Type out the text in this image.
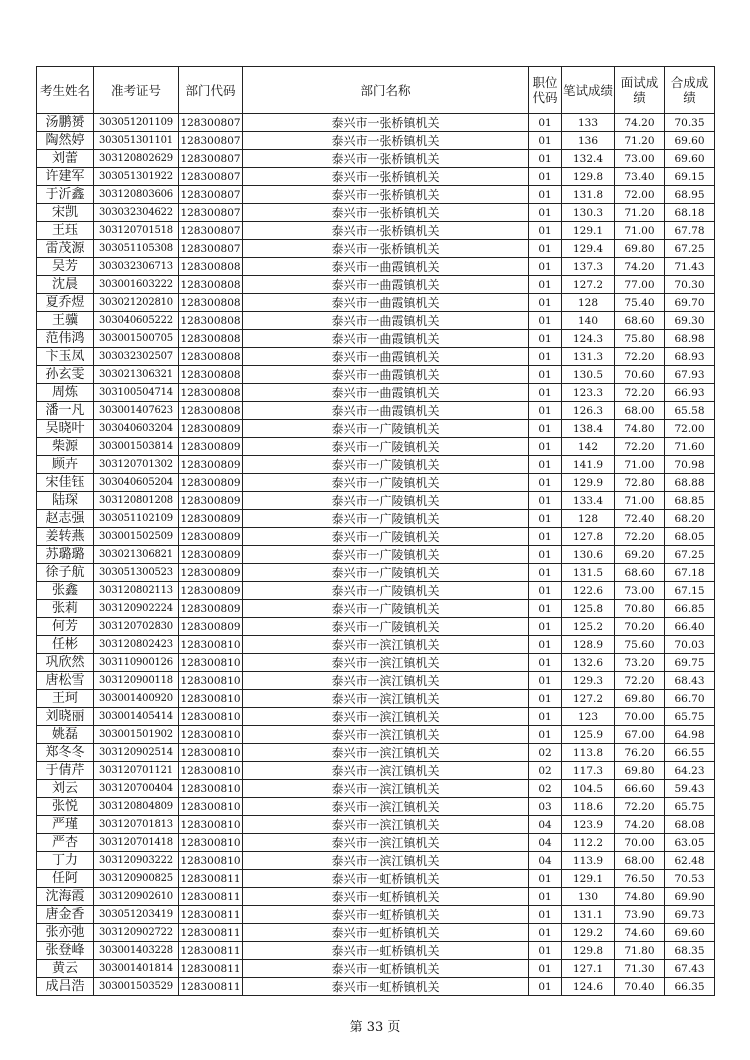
考生姓名	准考证号	部门代码	部门名称	职位代码	笔试成绩	面试成绩	合成成绩
汤鹏赟	303051201109	128300807	泰兴市一张桥镇机关	01	133	74.20	70.35
陶然婷	303051301101	128300807	泰兴市一张桥镇机关	01	136	71.20	69.60
刘蕾	303120802629	128300807	泰兴市一张桥镇机关	01	132.4	73.00	69.60
许建军	303051301922	128300807	泰兴市一张桥镇机关	01	129.8	73.40	69.15
于沂鑫	303120803606	128300807	泰兴市一张桥镇机关	01	131.8	72.00	68.95
宋凯	303032304622	128300807	泰兴市一张桥镇机关	01	130.3	71.20	68.18
王珏	303120701518	128300807	泰兴市一张桥镇机关	01	129.1	71.00	67.78
雷茂源	303051105308	128300807	泰兴市一张桥镇机关	01	129.4	69.80	67.25
吴芳	303032306713	128300808	泰兴市一曲霞镇机关	01	137.3	74.20	71.43
沈晨	303001603222	128300808	泰兴市一曲霞镇机关	01	127.2	77.00	70.30
夏乔煜	303021202810	128300808	泰兴市一曲霞镇机关	01	128	75.40	69.70
王骥	303040605222	128300808	泰兴市一曲霞镇机关	01	140	68.60	69.30
范伟鸿	303001500705	128300808	泰兴市一曲霞镇机关	01	124.3	75.80	68.98
卞玉凤	303032302507	128300808	泰兴市一曲霞镇机关	01	131.3	72.20	68.93
孙玄雯	303021306321	128300808	泰兴市一曲霞镇机关	01	130.5	70.60	67.93
周炼	303100504714	128300808	泰兴市一曲霞镇机关	01	123.3	72.20	66.93
潘一凡	303001407623	128300808	泰兴市一曲霞镇机关	01	126.3	68.00	65.58
吴晓叶	303040603204	128300809	泰兴市一广陵镇机关	01	138.4	74.80	72.00
柴源	303001503814	128300809	泰兴市一广陵镇机关	01	142	72.20	71.60
顾卉	303120701302	128300809	泰兴市一广陵镇机关	01	141.9	71.00	70.98
宋佳钰	303040605204	128300809	泰兴市一广陵镇机关	01	129.9	72.80	68.88
陆琛	303120801208	128300809	泰兴市一广陵镇机关	01	133.4	71.00	68.85
赵志强	303051102109	128300809	泰兴市一广陵镇机关	01	128	72.40	68.20
姜转燕	303001502509	128300809	泰兴市一广陵镇机关	01	127.8	72.20	68.05
苏璐璐	303021306821	128300809	泰兴市一广陵镇机关	01	130.6	69.20	67.25
徐子航	303051300523	128300809	泰兴市一广陵镇机关	01	131.5	68.60	67.18
张鑫	303120802113	128300809	泰兴市一广陵镇机关	01	122.6	73.00	67.15
张莉	303120902224	128300809	泰兴市一广陵镇机关	01	125.8	70.80	66.85
何芳	303120702830	128300809	泰兴市一广陵镇机关	01	125.2	70.20	66.40
任彬	303120802423	128300810	泰兴市一滨江镇机关	01	128.9	75.60	70.03
巩欣然	303110900126	128300810	泰兴市一滨江镇机关	01	132.6	73.20	69.75
唐松雪	303120900118	128300810	泰兴市一滨江镇机关	01	129.3	72.20	68.43
王珂	303001400920	128300810	泰兴市一滨江镇机关	01	127.2	69.80	66.70
刘晓丽	303001405414	128300810	泰兴市一滨江镇机关	01	123	70.00	65.75
姚磊	303001501902	128300810	泰兴市一滨江镇机关	01	125.9	67.00	64.98
郑冬冬	303120902514	128300810	泰兴市一滨江镇机关	02	113.8	76.20	66.55
于倩芹	303120701121	128300810	泰兴市一滨江镇机关	02	117.3	69.80	64.23
刘云	303120700404	128300810	泰兴市一滨江镇机关	02	104.5	66.60	59.43
张悦	303120804809	128300810	泰兴市一滨江镇机关	03	118.6	72.20	65.75
严瑾	303120701813	128300810	泰兴市一滨江镇机关	04	123.9	74.20	68.08
严杏	303120701418	128300810	泰兴市一滨江镇机关	04	112.2	70.00	63.05
丁力	303120903222	128300810	泰兴市一滨江镇机关	04	113.9	68.00	62.48
任阿	303120900825	128300811	泰兴市一虹桥镇机关	01	129.1	76.50	70.53
沈海霞	303120902610	128300811	泰兴市一虹桥镇机关	01	130	74.80	69.90
唐金香	303051203419	128300811	泰兴市一虹桥镇机关	01	131.1	73.90	69.73
张亦弛	303120902722	128300811	泰兴市一虹桥镇机关	01	129.2	74.60	69.60
张登峰	303001403228	128300811	泰兴市一虹桥镇机关	01	129.8	71.80	68.35
黄云	303001401814	128300811	泰兴市一虹桥镇机关	01	127.1	71.30	67.43
成吕浩	303001503529	128300811	泰兴市一虹桥镇机关	01	124.6	70.40	66.35
第 33 页
